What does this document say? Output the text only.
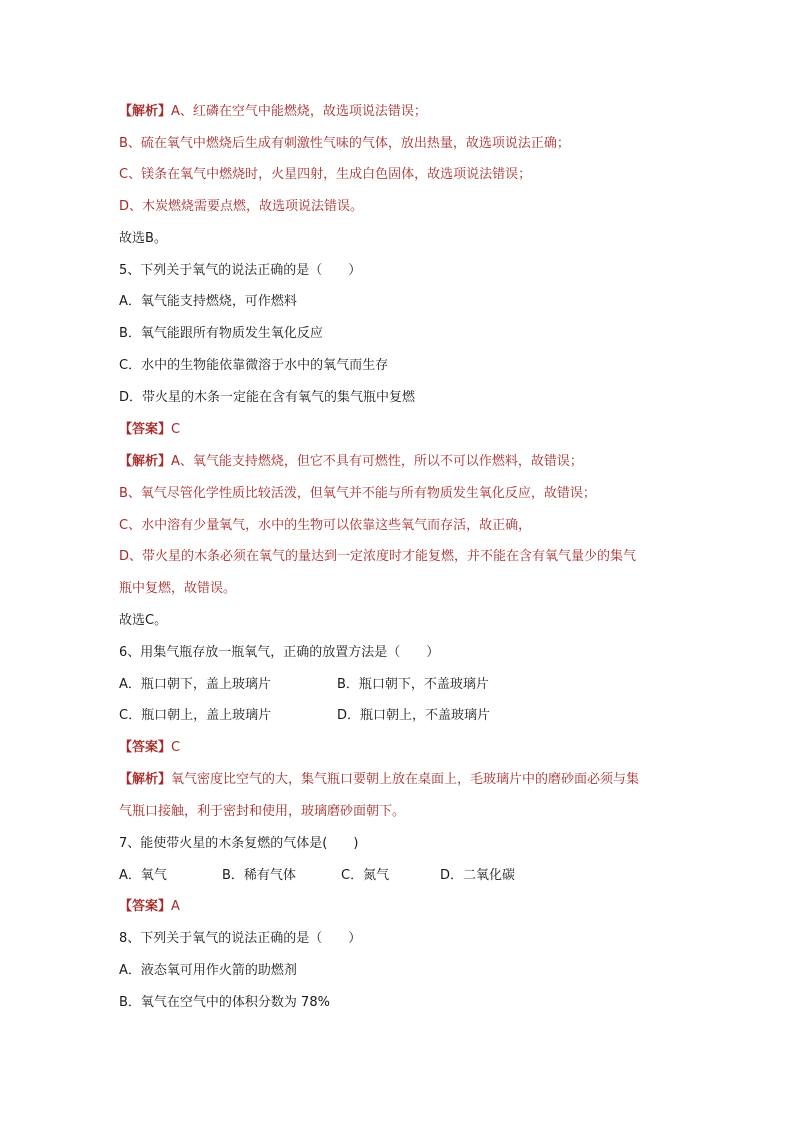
【解析】A、红磷在空气中能燃烧，故选项说法错误；
B、硫在氧气中燃烧后生成有刺激性气味的气体，放出热量，故选项说法正确；
C、镁条在氧气中燃烧时，火星四射，生成白色固体，故选项说法错误；
D、木炭燃烧需要点燃，故选项说法错误。
故选B。
5、下列关于氧气的说法正确的是（　　）
A．氧气能支持燃烧，可作燃料
B．氧气能跟所有物质发生氧化反应
C．水中的生物能依靠微溶于水中的氧气而生存
D．带火星的木条一定能在含有氧气的集气瓶中复燃
【答案】C
【解析】A、氧气能支持燃烧，但它不具有可燃性，所以不可以作燃料，故错误；
B、氧气尽管化学性质比较活泼，但氧气并不能与所有物质发生氧化反应，故错误；
C、水中溶有少量氧气，水中的生物可以依靠这些氧气而存活，故正确，
D、带火星的木条必须在氧气的量达到一定浓度时才能复燃，并不能在含有氧气量少的集气
瓶中复燃，故错误。
故选C。
6、用集气瓶存放一瓶氧气，正确的放置方法是（　　）
A．瓶口朝下，盖上玻璃片	B．瓶口朝下，不盖玻璃片
C．瓶口朝上，盖上玻璃片	D．瓶口朝上，不盖玻璃片
【答案】C
【解析】氧气密度比空气的大，集气瓶口要朝上放在桌面上，毛玻璃片中的磨砂面必须与集
气瓶口接触，利于密封和使用，玻璃磨砂面朝下。
7、能使带火星的木条复燃的气体是(　　)
A．氧气	B．稀有气体	C．氮气	D．二氧化碳
【答案】A
8、下列关于氧气的说法正确的是（　　）
A．液态氧可用作火箭的助燃剂
B．氧气在空气中的体积分数为 78%
